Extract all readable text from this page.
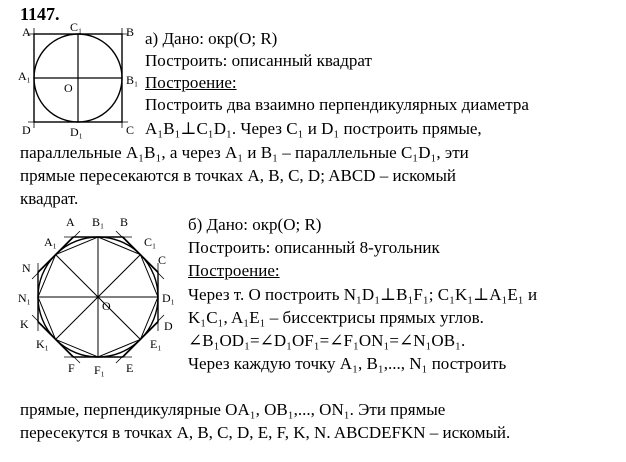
1147.
A	C₁	B
A₁
O
B₁
D	D₁	C
а) Дано: окр(O; R)
Построить: описанный квадрат
Построение:
Построить два взаимно перпендикулярных диаметра
A₁B₁⊥C₁D₁. Через C₁ и D₁ построить прямые,
параллельные A₁B₁, а через A₁ и B₁ – параллельные C₁D₁, эти
прямые пересекаются в точках A, B, C, D; ABCD – искомый
квадрат.
A B₁ B
A₁	C₁
C
N
N₁
O
D₁
D
K
K₁	E₁
E
F F₁
б) Дано: окр(O; R)
Построить: описанный 8-угольник
Построение:
Через т. O построить N₁D₁⊥B₁F₁; C₁K₁⊥A₁E₁ и
K₁C₁, A₁E₁ – биссектрисы прямых углов.
∠B₁OD₁=∠D₁OF₁=∠F₁ON₁=∠N₁OB₁.
Через каждую точку A₁, B₁,..., N₁ построить
прямые, перпендикулярные OA₁, OB₁,..., ON₁. Эти прямые
пересекутся в точках A, B, C, D, E, F, K, N. ABCDEFKN – искомый.
